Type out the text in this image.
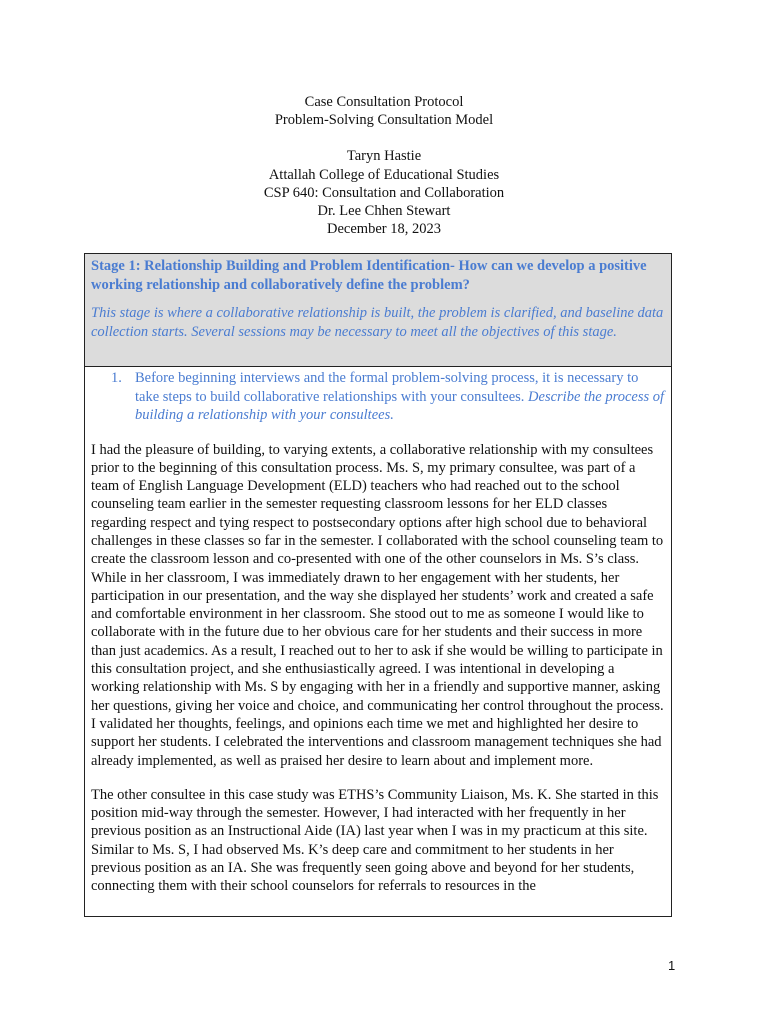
Case Consultation Protocol
Problem-Solving Consultation Model
Taryn Hastie
Attallah College of Educational Studies
CSP 640: Consultation and Collaboration
Dr. Lee Chhen Stewart
December 18, 2023
Stage 1: Relationship Building and Problem Identification- How can we develop a positive working relationship and collaboratively define the problem?
This stage is where a collaborative relationship is built, the problem is clarified, and baseline data collection starts. Several sessions may be necessary to meet all the objectives of this stage.
1. Before beginning interviews and the formal problem-solving process, it is necessary to take steps to build collaborative relationships with your consultees. Describe the process of building a relationship with your consultees.

I had the pleasure of building, to varying extents, a collaborative relationship with my consultees prior to the beginning of this consultation process. Ms. S, my primary consultee, was part of a team of English Language Development (ELD) teachers who had reached out to the school counseling team earlier in the semester requesting classroom lessons for her ELD classes regarding respect and tying respect to postsecondary options after high school due to behavioral challenges in these classes so far in the semester. I collaborated with the school counseling team to create the classroom lesson and co-presented with one of the other counselors in Ms. S’s class. While in her classroom, I was immediately drawn to her engagement with her students, her participation in our presentation, and the way she displayed her students’ work and created a safe and comfortable environment in her classroom. She stood out to me as someone I would like to collaborate with in the future due to her obvious care for her students and their success in more than just academics. As a result, I reached out to her to ask if she would be willing to participate in this consultation project, and she enthusiastically agreed. I was intentional in developing a working relationship with Ms. S by engaging with her in a friendly and supportive manner, asking her questions, giving her voice and choice, and communicating her control throughout the process. I validated her thoughts, feelings, and opinions each time we met and highlighted her desire to support her students. I celebrated the interventions and classroom management techniques she had already implemented, as well as praised her desire to learn about and implement more.

The other consultee in this case study was ETHS’s Community Liaison, Ms. K. She started in this position mid-way through the semester. However, I had interacted with her frequently in her previous position as an Instructional Aide (IA) last year when I was in my practicum at this site. Similar to Ms. S, I had observed Ms. K’s deep care and commitment to her students in her previous position as an IA. She was frequently seen going above and beyond for her students, connecting them with their school counselors for referrals to resources in the

1
